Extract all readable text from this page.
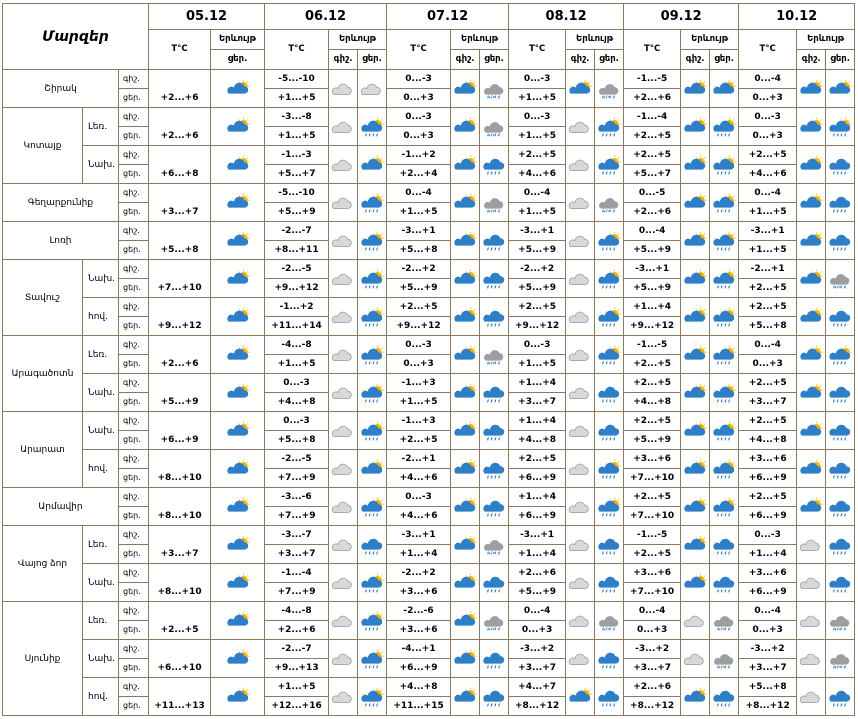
Մարզեր			05.12		06.12			07.12			08.12			09.12			10.12		
			T°C	Երևույթ	T°C	Երևույթ		T°C	Երևույթ		T°C	Երևույթ		T°C	Երևույթ		T°C	Երևույթ	
				ցեր.		գիշ.	ցեր.		գիշ.	ցեր.		գիշ.	ցեր.		գիշ.	ցեր.		գիշ.	ցեր.
Շիրակ		գիշ.	+2...+6		-5...-10			0...-3			0...-3			-1...-5			0...-4	

		ցեր.			+1...+5			0...+3			+1...+5			+2...+6			0...+3		
Կոտայք	Լեռ.	գիշ.	+2...+6		-3...-8			0...-3			0...-3			-1...-4			0...-3	

		ցեր.			+1...+5			0...+3			+1...+5			+2...+5			0...+3		
	Նախ.	գիշ.	+6...+8		-1...-3			-1...+2			+2...+5			+2...+5			+2...+5	

		ցեր.			+5...+7			+2...+4			+4...+6			+5...+7			+4...+6		
Գեղարքունիք		գիշ.	+3...+7		-5...-10			0...-4			0...-4			0...-5			0...-4	

		ցեր.			+5...+9			+1...+5			+1...+5			+2...+6			+1...+5		
Լոռի		գիշ.	+5...+8		-2...-7			-3...+1			-3...+1			0...-4			-3...+1	

		ցեր.			+8...+11			+5...+8			+5...+9			+5...+9			+1...+5		
Տավուշ	Նախ.	գիշ.	+7...+10		-2...-5			-2...+2			-2...+2			-3...+1			-2...+1	

		ցեր.			+9...+12			+5...+9			+5...+9			+5...+9			+2...+5		
	հով.	գիշ.	+9...+12		-1...+2			+2...+5			+2...+5			+1...+4			+2...+5	

		ցեր.			+11...+14			+9...+12			+9...+12			+9...+12			+5...+8		
Արագածոտն	Լեռ.	գիշ.	+2...+6		-4...-8			0...-3			0...-3			-1...-5			0...-4	

		ցեր.			+1...+5			0...+3			+1...+5			+2...+5			0...+3		
	Նախ.	գիշ.	+5...+9		0...-3			-1...+3			+1...+4			+2...+5			+2...+5	

		ցեր.			+4...+8			+1...+5			+3...+7			+4...+8			+3...+7		
Արարատ	Նախ.	գիշ.	+6...+9		0...-3			-1...+3			+1...+4			+2...+5			+2...+5	

		ցեր.			+5...+8			+2...+5			+4...+8			+5...+9			+4...+8		
	հով.	գիշ.	+8...+10		-2...-5			-2...+1			+2...+5			+3...+6			+3...+6	

		ցեր.			+7...+9			+4...+6			+6...+9			+7...+10			+6...+9		
Արմավիր		գիշ.	+8...+10		-3...-6			0...-3			+1...+4			+2...+5			+2...+5	

		ցեր.			+7...+9			+4...+6			+6...+9			+7...+10			+6...+9		
Վայոց ձոր	Լեռ.	գիշ.	+3...+7		-3...-7			-3...+1			-3...+1			-1...-5			0...-3	

		ցեր.			+3...+7			+1...+4			+1...+4			+2...+5			+1...+4		
	Նախ.	գիշ.	+8...+10		-1...-4			-2...+2			+2...+6			+3...+6			+3...+6	

		ցեր.			+7...+9			+3...+6			+5...+9			+7...+10			+6...+9		
Սյունիք	Լեռ.	գիշ.	+2...+5		-4...-8			-2...-6			0...-4			0...-4			0...-4	

		ցեր.			+2...+6			+3...+6			0...+3			0...+3			0...+3		
	Նախ.	գիշ.	+6...+10		-2...-7			-4...+1			-3...+2			-3...+2			-3...+2	

		ցեր.			+9...+13			+6...+9			+3...+7			+3...+7			+3...+7		
	հով.	գիշ.	+11...+13		+1...+5			+4...+8			+4...+7			+2...+6			+5...+8	

		ցեր.			+12...+16			+11...+15			+8...+12			+8...+12			+8...+12		
